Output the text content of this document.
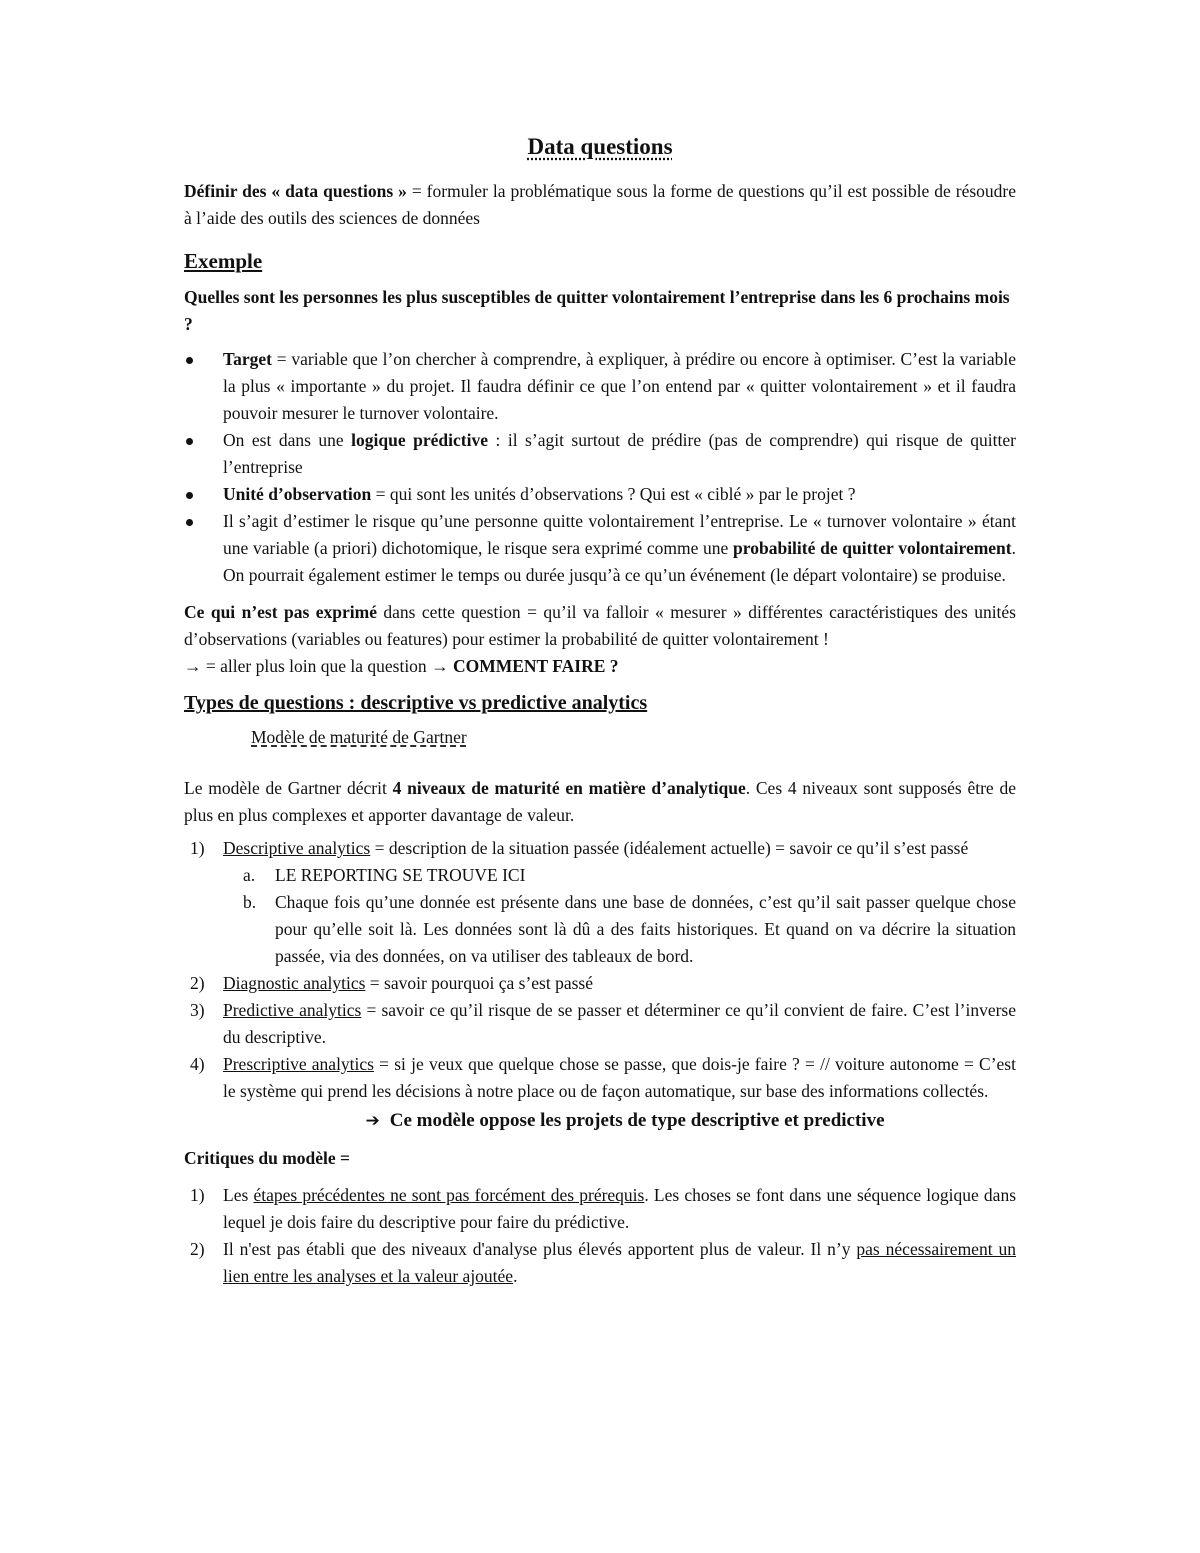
Data questions

Définir des « data questions » = formuler la problématique sous la forme de questions qu’il est possible de résoudre à l’aide des outils des sciences de données

Exemple

Quelles sont les personnes les plus susceptibles de quitter volontairement l’entreprise dans les 6 prochains mois ?

Target = variable que l’on chercher à comprendre, à expliquer, à prédire ou encore à optimiser. C’est la variable la plus « importante » du projet. Il faudra définir ce que l’on entend par « quitter volontairement » et il faudra pouvoir mesurer le turnover volontaire.
On est dans une logique prédictive : il s’agit surtout de prédire (pas de comprendre) qui risque de quitter l’entreprise
Unité d’observation = qui sont les unités d’observations ? Qui est « ciblé » par le projet ?
Il s’agit d’estimer le risque qu’une personne quitte volontairement l’entreprise. Le « turnover volontaire » étant une variable (a priori) dichotomique, le risque sera exprimé comme une probabilité de quitter volontairement. On pourrait également estimer le temps ou durée jusqu’à ce qu’un événement (le départ volontaire) se produise.

Ce qui n’est pas exprimé dans cette question = qu’il va falloir « mesurer » différentes caractéristiques des unités d’observations (variables ou features) pour estimer la probabilité de quitter volontairement !
→ = aller plus loin que la question → COMMENT FAIRE ?

Types de questions : descriptive vs predictive analytics

Modèle de maturité de Gartner

Le modèle de Gartner décrit 4 niveaux de maturité en matière d’analytique. Ces 4 niveaux sont supposés être de plus en plus complexes et apporter davantage de valeur.

1) Descriptive analytics = description de la situation passée (idéalement actuelle) = savoir ce qu’il s’est passé
a. LE REPORTING SE TROUVE ICI
b. Chaque fois qu’une donnée est présente dans une base de données, c’est qu’il sait passer quelque chose pour qu’elle soit là. Les données sont là dû a des faits historiques. Et quand on va décrire la situation passée, via des données, on va utiliser des tableaux de bord.
2) Diagnostic analytics = savoir pourquoi ça s’est passé
3) Predictive analytics = savoir ce qu’il risque de se passer et déterminer ce qu’il convient de faire. C’est l’inverse du descriptive.
4) Prescriptive analytics = si je veux que quelque chose se passe, que dois-je faire ? = // voiture autonome = C’est le système qui prend les décisions à notre place ou de façon automatique, sur base des informations collectés.

➔ Ce modèle oppose les projets de type descriptive et predictive

Critiques du modèle =

1) Les étapes précédentes ne sont pas forcément des prérequis. Les choses se font dans une séquence logique dans lequel je dois faire du descriptive pour faire du prédictive.
2) Il n'est pas établi que des niveaux d'analyse plus élevés apportent plus de valeur. Il n’y pas nécessairement un lien entre les analyses et la valeur ajoutée.
